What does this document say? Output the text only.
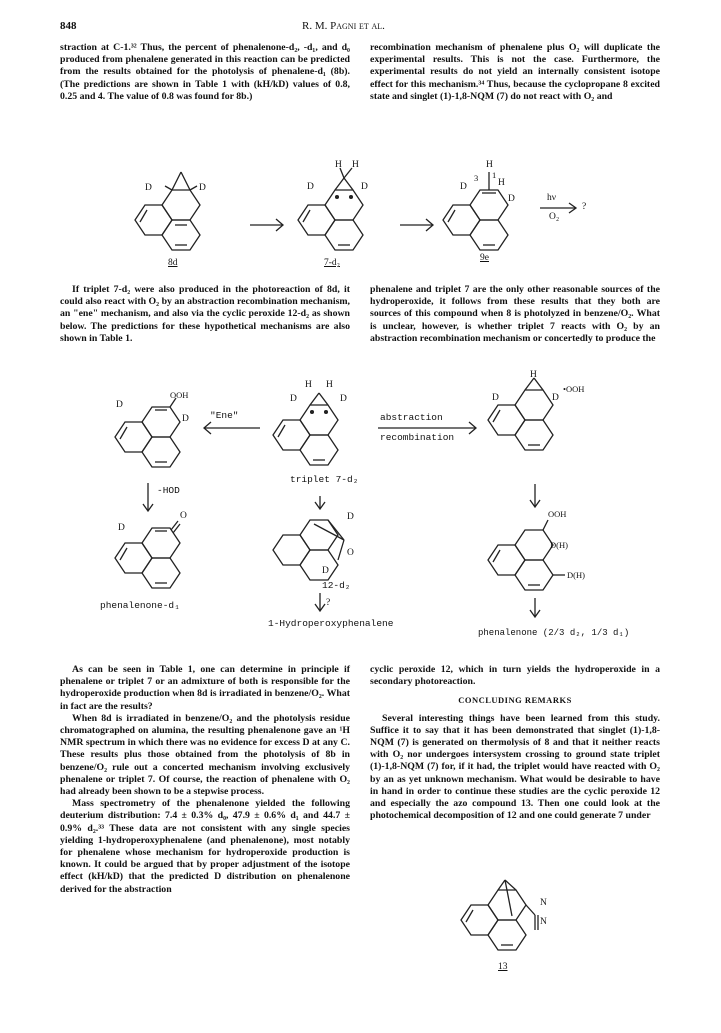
848	R. M. Pagni et al.

straction at C-1.³² Thus, the percent of phenalenone-d₂, -d₁, and d₀ produced from phenalene generated in this reaction can be predicted from the results obtained for the photolysis of phenalene-d₁ (8b). (The predictions are shown in Table 1 with (kH/kD) values of 0.8, 0.25 and 4. The value of 0.8 was found for 8b.)

recombination mechanism of phenalene plus O₂ will duplicate the experimental results. This is not the case. Furthermore, the experimental results do not yield an internally consistent isotope effect for this mechanism.³⁴ Thus, because the cyclopropane 8 excited state and singlet (1)-1,8-NQM (7) do not react with O₂ and

D	D	D	D
H H	H
H
D
D
3 1
hν
O₂
?
8d	7-d₂	9e

If triplet 7-d₂ were also produced in the photoreaction of 8d, it could also react with O₂ by an abstraction recombination mechanism, an "ene" mechanism, and also via the cyclic peroxide 12-d₂ as shown below. The predictions for these hypothetical mechanisms are also shown in Table 1.

phenalene and triplet 7 are the only other reasonable sources of the hydroperoxide, it follows from these results that they both are sources of this compound when 8 is photolyzed in benzene/O₂. What is unclear, however, is whether triplet 7 reacts with O₂ by an abstraction recombination mechanism or concertedly to produce the

OOH
D
D "Ene"
D	D
H H
abstraction
recombination
H
•OOH
D	D
triplet 7-d₂
-HOD
D
O
phenalenone-d₁
D
O
D
12-d₂
?
1-Hydroperoxyphenalene
OOH
D(H)
D(H)
phenalenone (2/3 d₂, 1/3 d₁)

As can be seen in Table 1, one can determine in principle if phenalene or triplet 7 or an admixture of both is responsible for the hydroperoxide production when 8d is irradiated in benzene/O₂. What in fact are the results?

When 8d is irradiated in benzene/O₂ and the photolysis residue chromatographed on alumina, the resulting phenalenone gave an ¹H NMR spectrum in which there was no evidence for excess D at any C. These results plus those obtained from the photolysis of 8b in benzene/O₂ rule out a concerted mechanism involving exclusively phenalene or triplet 7. Of course, the reaction of phenalene with O₂ had already been shown to be a stepwise process.

Mass spectrometry of the phenalenone yielded the following deuterium distribution: 7.4 ± 0.3% d₀, 47.9 ± 0.6% d₁ and 44.7 ± 0.9% d₂.³³ These data are not consistent with any single species yielding 1-hydroperoxyphenalene (and phenalenone), most notably for phenalene whose mechanism for hydroperoxide production is known. It could be argued that by proper adjustment of the isotope effect (kH/kD) that the predicted D distribution on phenalenone derived for the abstraction

cyclic peroxide 12, which in turn yields the hydroperoxide in a secondary photoreaction.

CONCLUDING REMARKS

Several interesting things have been learned from this study. Suffice it to say that it has been demonstrated that singlet (1)-1,8-NQM (7) is generated on thermolysis of 8 and that it neither reacts with O₂ nor undergoes intersystem crossing to ground state triplet (1)-1,8-NQM (7) for, if it had, the triplet would have reacted with O₂ by an as yet unknown mechanism. What would be desirable to have in hand in order to continue these studies are the cyclic peroxide 12 and especially the azo compound 13. Then one could look at the photochemical decomposition of 12 and one could generate 7 under

N
N
13
